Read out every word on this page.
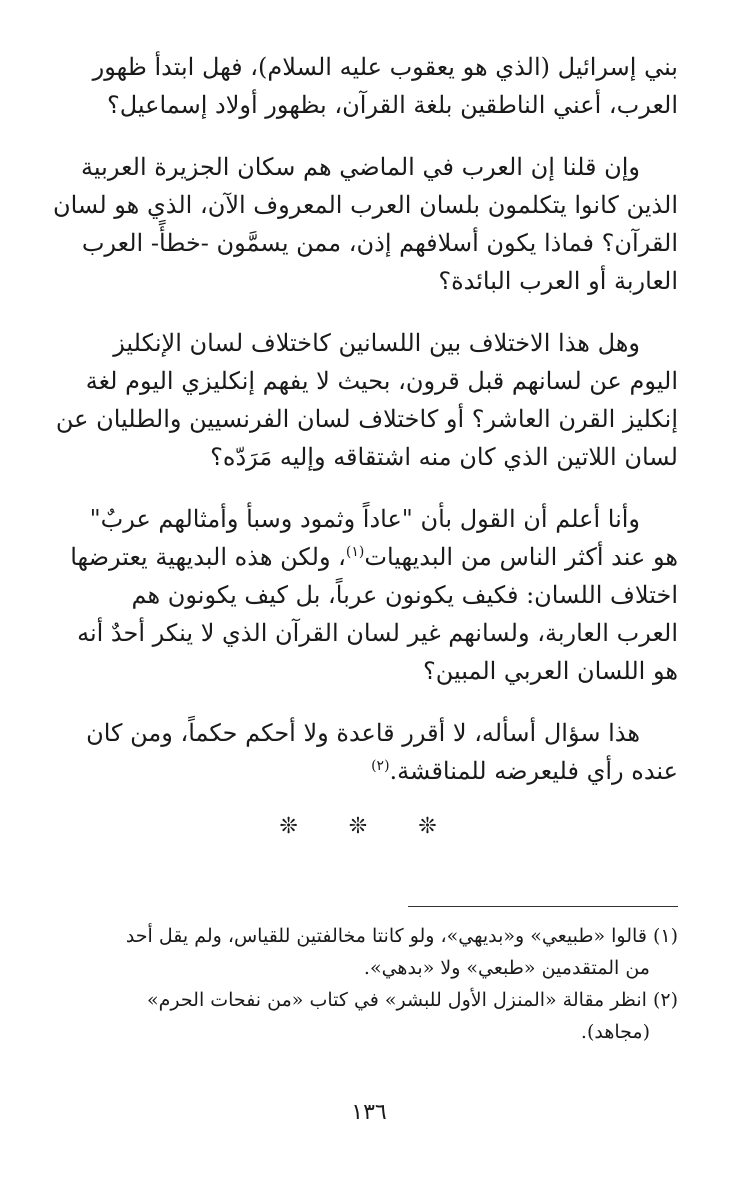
بني إسرائيل (الذي هو يعقوب عليه السلام)، فهل ابتدأ ظهور
العرب، أعني الناطقين بلغة القرآن، بظهور أولاد إسماعيل؟

وإن قلنا إن العرب في الماضي هم سكان الجزيرة العربية
الذين كانوا يتكلمون بلسان العرب المعروف الآن، الذي هو لسان
القرآن؟ فماذا يكون أسلافهم إذن، ممن يسمَّون -خطأً- العرب
العاربة أو العرب البائدة؟

وهل هذا الاختلاف بين اللسانين كاختلاف لسان الإنكليز
اليوم عن لسانهم قبل قرون، بحيث لا يفهم إنكليزي اليوم لغة
إنكليز القرن العاشر؟ أو كاختلاف لسان الفرنسيين والطليان عن
لسان اللاتين الذي كان منه اشتقاقه وإليه مَرَدّه؟

وأنا أعلم أن القول بأن "عاداً وثمود وسبأ وأمثالهم عربٌ"
هو عند أكثر الناس من البديهيات$^{(١)}$، ولكن هذه البديهية يعترضها
اختلاف اللسان: فكيف يكونون عرباً، بل كيف يكونون هم
العرب العاربة، ولسانهم غير لسان القرآن الذي لا ينكر أحدٌ أنه
هو اللسان العربي المبين؟

هذا سؤال أسأله، لا أقرر قاعدة ولا أحكم حكماً، ومن كان
عنده رأي فليعرضه للمناقشة.$^{(٢)}$

❊ ❊ ❊
(١) قالوا «طبيعي» و«بديهي»، ولو كانتا مخالفتين للقياس، ولم يقل أحد
من المتقدمين «طبعي» ولا «بدهي».
(٢) انظر مقالة «المنزل الأول للبشر» في كتاب «من نفحات الحرم»
(مجاهد).
١٣٦
